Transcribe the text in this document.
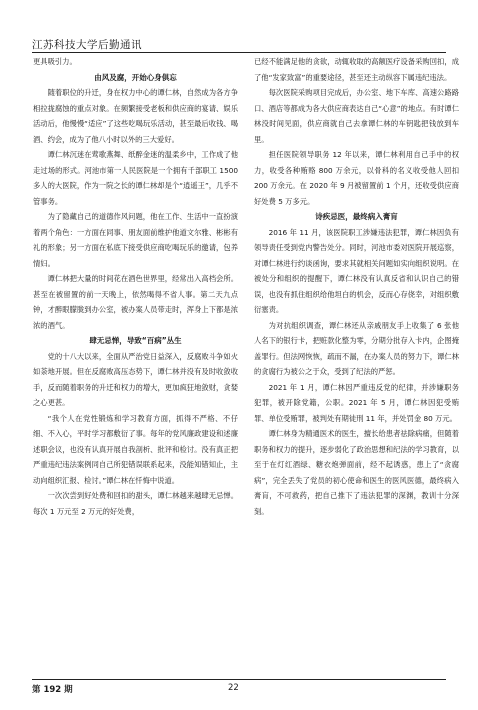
江苏科技大学后勤通讯

更具吸引力。

由风及腐，开始心身俱忘

随着职位的升迁，身在权力中心的谭仁林，自然成为各方争相拉拢腐蚀的重点对象。在频繁接受老板和供应商的宴请、娱乐活动后，他慢慢“适应”了这些吃喝玩乐活动，甚至最后收钱、喝酒、约会，成为了他八小时以外的三大爱好。

谭仁林沉迷在莺歌燕舞、纸醉金迷的温柔乡中，工作成了他走过场的形式。河池市第一人民医院是一个拥有千部职工 1500 多人的大医院，作为一院之长的谭仁林却是个“逍遥王”，几乎不管事务。

为了隐藏自己的道德作风问题，他在工作、生活中一直扮演着两个角色：一方面在同事、朋友面前维护他道文尔雅、彬彬有礼的形象；另一方面在私底下接受供应商吃喝玩乐的邀请，包养情妇。

谭仁林把大量的时间花在酒色世界里，经常出入高档会所。甚至在被留置的前一天晚上，依然喝得不省人事。第二天九点钟，才醉眼朦胧到办公室，被办案人员带走时，浑身上下都是浓浓的酒气。

肆无忌惮，导致“百病”丛生

党的十八大以来，全面从严治党日益深入，反腐败斗争如火如荼地开展。但在反腐败高压态势下，谭仁林并没有及时收敛收手，反而随着职务的升迁和权力的增大，更加疯狂地敛财，贪婪之心更甚。

“我个人在党性锻炼和学习教育方面，抓得不严格、不仔细、不入心，平时学习都敷衍了事。每年的党风廉政建设和述廉述职会议，也没有认真开展自我剖析、批评和检讨。没有真正把严重违纪违法案例同自己所犯错误联系起来，没能知错知止，主动向组织汇报、检讨。”谭仁林在忏悔中说道。

一次次尝到好处费和回扣的甜头，谭仁林越来越肆无忌惮。每次 1 万元至 2 万元的好处费，

已经不能满足他的贪欲，动辄收取的高额医疗设备采购回扣，成了他“发家致富”的重要途径，甚至还主动纵容下属违纪违法。

每次医院采购项目完成后，办公室、地下车库、高速公路路口、酒店等都成为各大供应商表达自己“心意”的地点。有时谭仁林没时间见面，供应商就自己去拿谭仁林的车钥匙把钱放到车里。

担任医院领导职务 12 年以来，谭仁林利用自己手中的权力，收受各种贿赂 800 万余元，以骨科的名义收受他人回扣 200 万余元。在 2020 年 9 月被留置前 1 个月，还收受供应商好处费 5 万多元。

诗疾忌医，最终病入膏肓

2016 年 11 月，该医院职工涉嫌违法犯罪，谭仁林因负有领导责任受到党内警告处分。同时，河池市委对医院开展巡察，对谭仁林进行约谈函询，要求其就相关问题如实向组织说明。在被处分和组织的提醒下，谭仁林没有认真反省和认识自己的错误，也没有抓住组织给他坦白的机会，反而心存侥幸，对组织敷衍塞责。

为对抗组织调查，谭仁林还从亲戚朋友手上收集了 6 张他人名下的银行卡，把赃款化整为零，分期分批存入卡内，企图掩盖罪行。但法网恢恢，疏而不漏，在办案人员的努力下，谭仁林的贪腐行为被公之于众，受到了纪法的严惩。

2021 年 1 月，谭仁林因严重违反党的纪律，并涉嫌职务犯罪，被开除党籍，公职。2021 年 5 月，谭仁林因犯受贿罪、单位受贿罪，被判处有期徒刑 11 年，并处罚金 80 万元。

谭仁林身为精通医术的医生，擅长给患者祛除病痛，但随着职务和权力的提升，逐步弱化了政治思想和纪法的学习教育，以至于在灯红酒绿、糖衣炮弹面前，经不起诱惑，患上了“贪腐病”，完全丢失了党员的初心使命和医生的医风医德，最终病入膏肓，不可救药，把自己推下了违法犯罪的深渊，教训十分深刻。

第 192 期	22
